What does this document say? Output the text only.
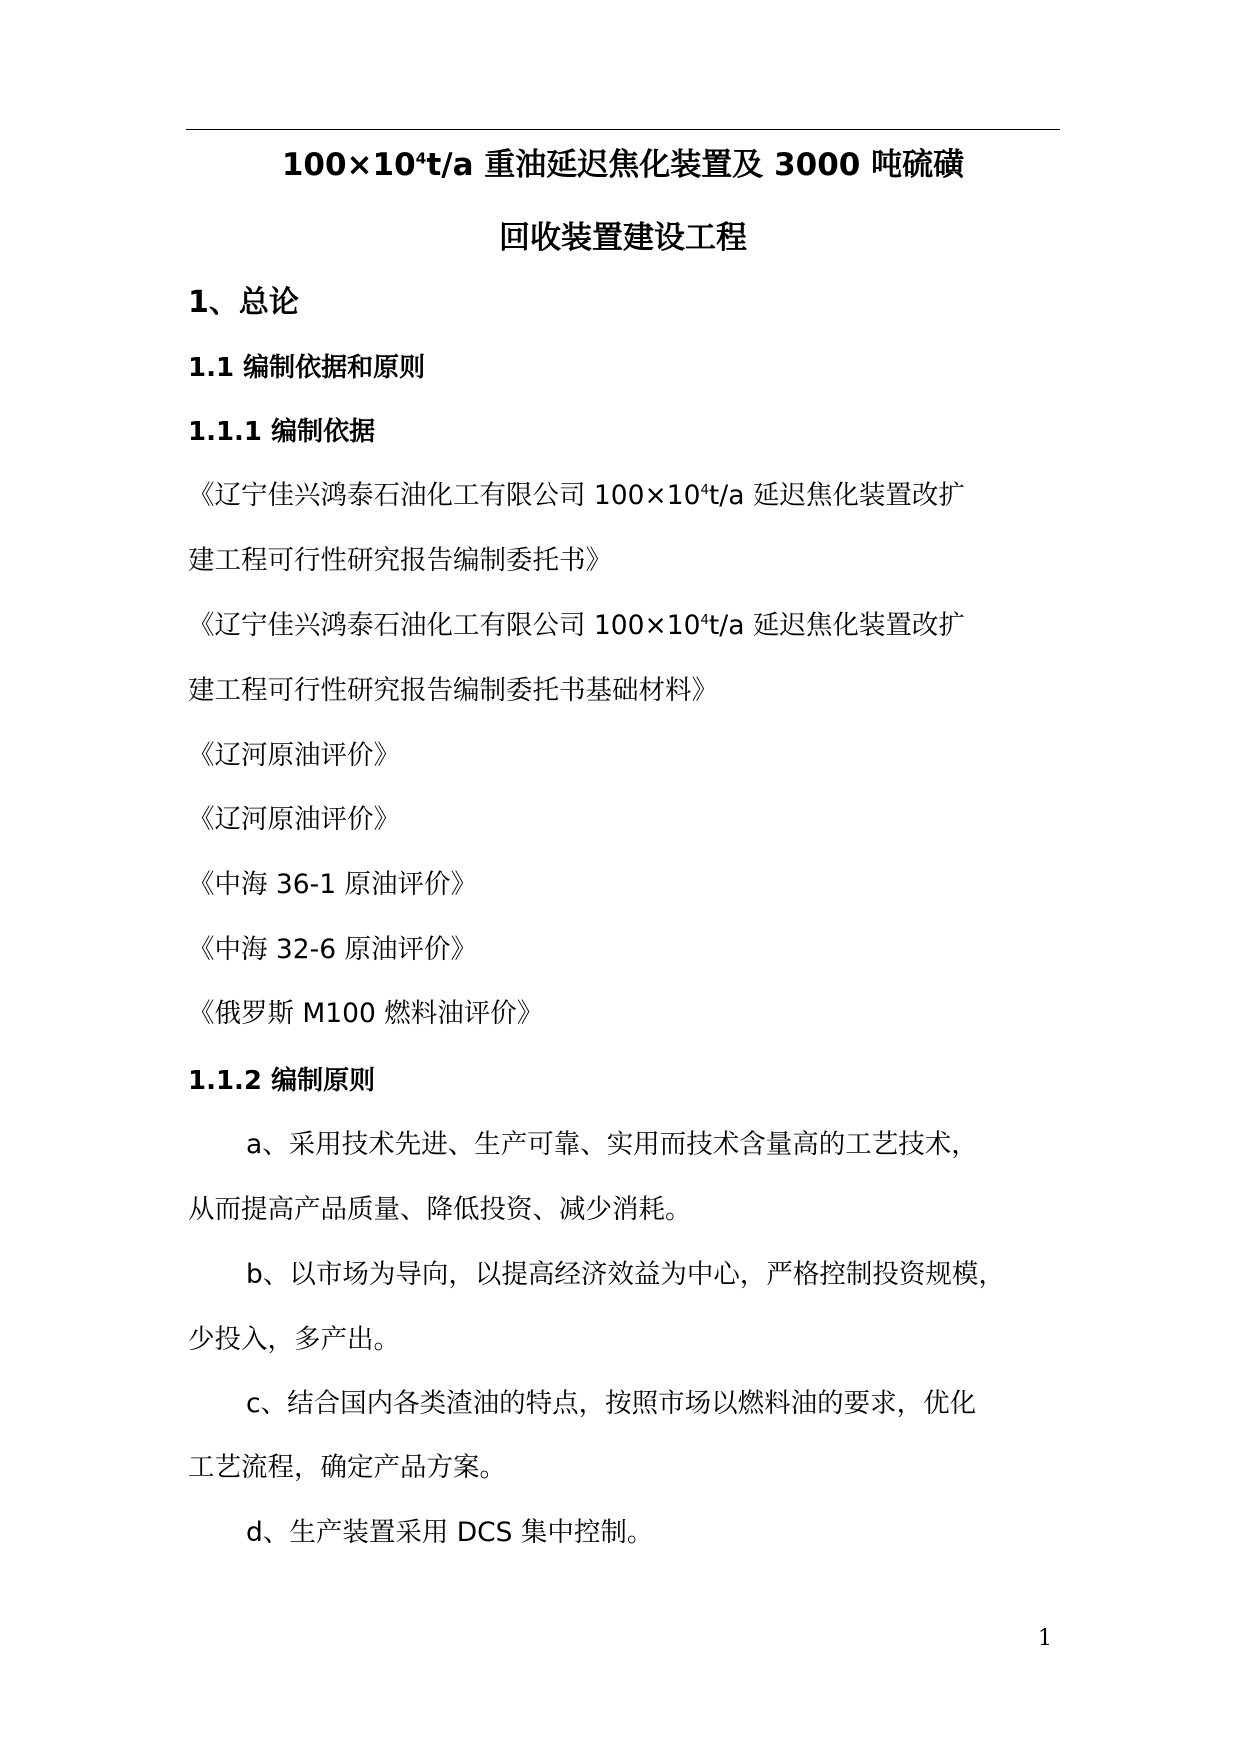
$100\times 10^4t/a$ 重油延迟焦化装置及 3000 吨硫磺
回收装置建设工程
1、总论
1.1 编制依据和原则
1.1.1 编制依据
《辽宁佳兴鸿泰石油化工有限公司 $100\times 10^4t/a$ 延迟焦化装置改扩
建工程可行性研究报告编制委托书》
《辽宁佳兴鸿泰石油化工有限公司 $100\times 10^4t/a$ 延迟焦化装置改扩
建工程可行性研究报告编制委托书基础材料》
《辽河原油评价》
《辽河原油评价》
《中海 36-1 原油评价》
《中海 32-6 原油评价》
《俄罗斯 M100 燃料油评价》
1.1.2 编制原则
a、采用技术先进、生产可靠、实用而技术含量高的工艺技术，
从而提高产品质量、降低投资、减少消耗。
b、以市场为导向，以提高经济效益为中心，严格控制投资规模，
少投入，多产出。
c、结合国内各类渣油的特点，按照市场以燃料油的要求，优化
工艺流程，确定产品方案。
d、生产装置采用 DCS 集中控制。
1
